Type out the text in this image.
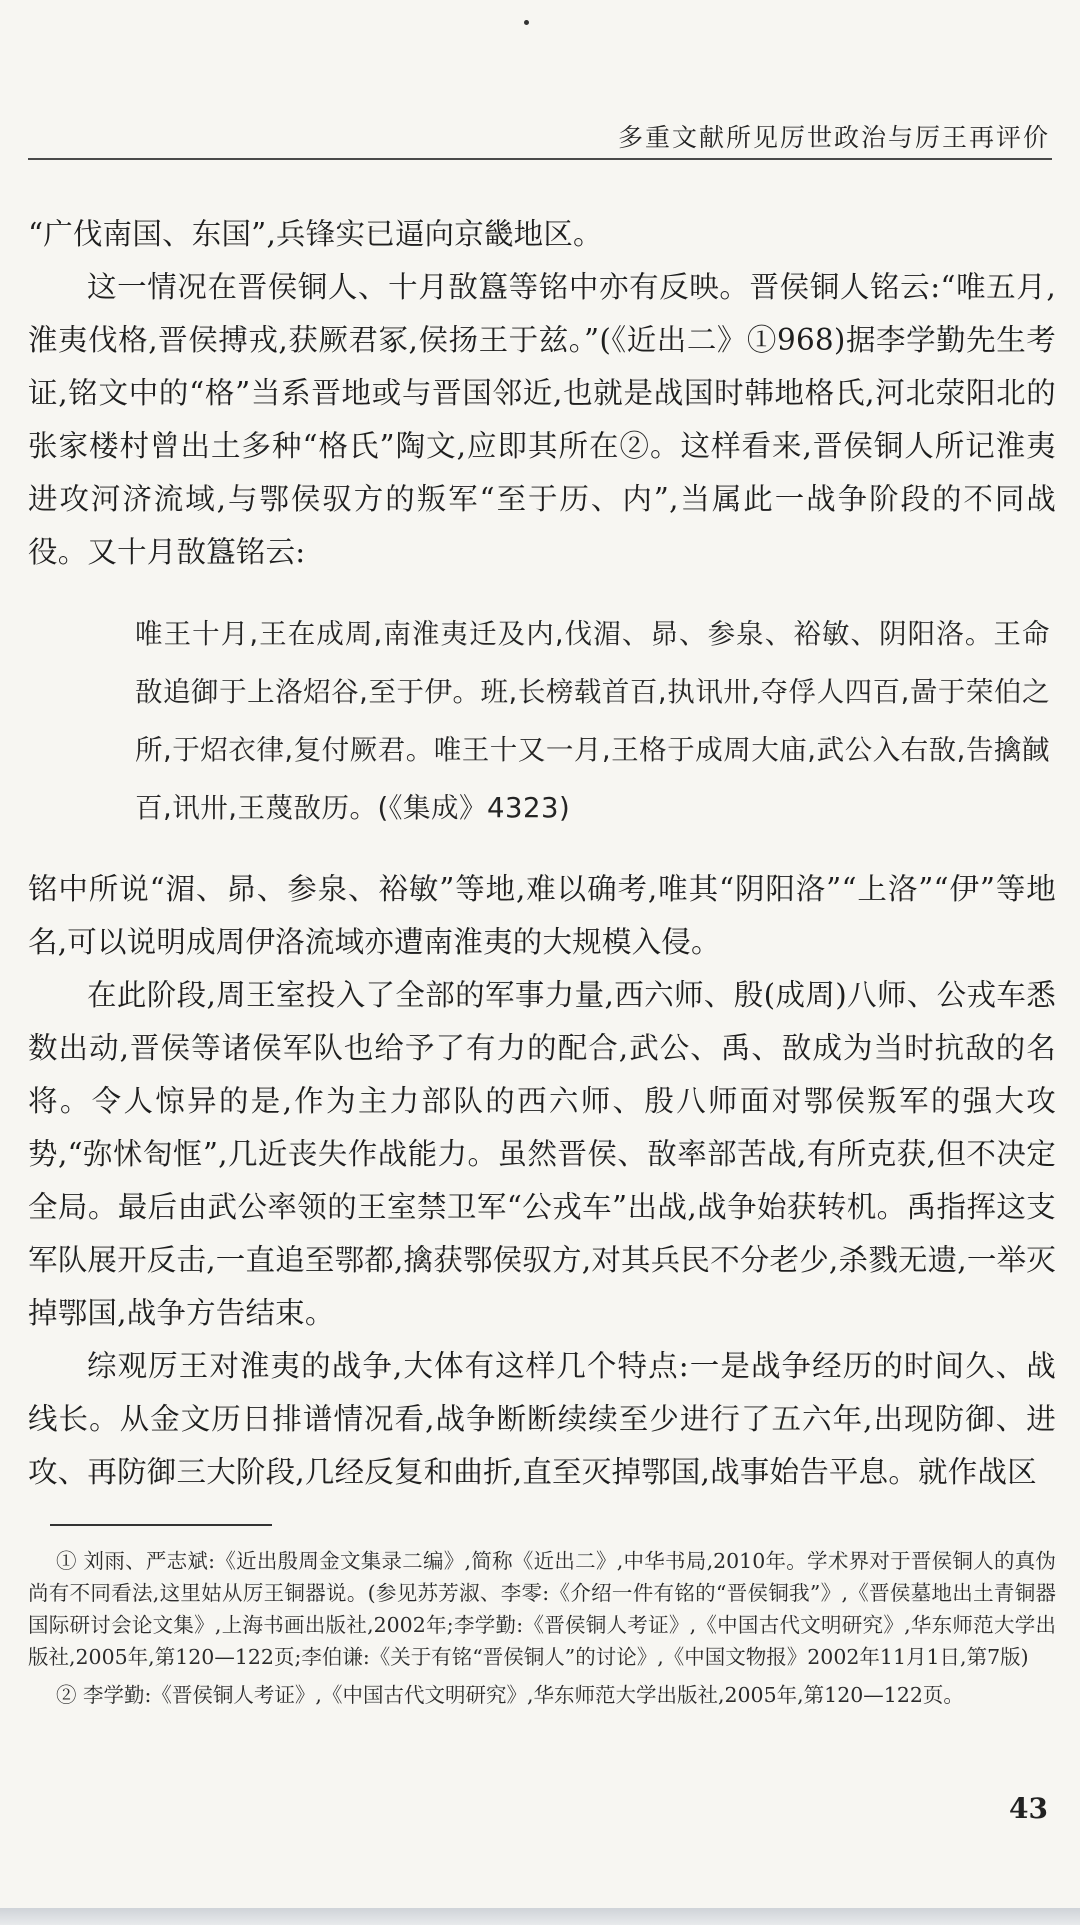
多重文献所见厉世政治与厉王再评价

“广伐南国、东国”,兵锋实已逼向京畿地区。

这一情况在晋侯铜人、十月敔簋等铭中亦有反映。晋侯铜人铭云:“唯五月,淮夷伐格,晋侯搏戎,获厥君冢,侯扬王于兹。”(《近出二》①968)据李学勤先生考证,铭文中的“格”当系晋地或与晋国邻近,也就是战国时韩地格氏,河北荥阳北的张家楼村曾出土多种“格氏”陶文,应即其所在②。这样看来,晋侯铜人所记淮夷进攻河济流域,与鄂侯驭方的叛军“至于历、内”,当属此一战争阶段的不同战役。又十月敔簋铭云:

唯王十月,王在成周,南淮夷迁及内,伐湄、昴、参泉、裕敏、阴阳洛。王命敔追御于上洛炤谷,至于伊。班,长榜载首百,执讯卅,夺俘人四百,啚于荣伯之所,于炤衣律,复付厥君。唯王十又一月,王格于成周大庙,武公入右敔,告擒馘百,讯卅,王蔑敔历。(《集成》4323)

铭中所说“湄、昴、参泉、裕敏”等地,难以确考,唯其“阴阳洛”“上洛”“伊”等地名,可以说明成周伊洛流域亦遭南淮夷的大规模入侵。

在此阶段,周王室投入了全部的军事力量,西六师、殷(成周)八师、公戎车悉数出动,晋侯等诸侯军队也给予了有力的配合,武公、禹、敔成为当时抗敌的名将。令人惊异的是,作为主力部队的西六师、殷八师面对鄂侯叛军的强大攻势,“弥怵匌恇”,几近丧失作战能力。虽然晋侯、敔率部苦战,有所克获,但不决定全局。最后由武公率领的王室禁卫军“公戎车”出战,战争始获转机。禹指挥这支军队展开反击,一直追至鄂都,擒获鄂侯驭方,对其兵民不分老少,杀戮无遗,一举灭掉鄂国,战争方告结束。

综观厉王对淮夷的战争,大体有这样几个特点:一是战争经历的时间久、战线长。从金文历日排谱情况看,战争断断续续至少进行了五六年,出现防御、进攻、再防御三大阶段,几经反复和曲折,直至灭掉鄂国,战事始告平息。就作战区

① 刘雨、严志斌:《近出殷周金文集录二编》,简称《近出二》,中华书局,2010年。学术界对于晋侯铜人的真伪尚有不同看法,这里姑从厉王铜器说。(参见苏芳淑、李零:《介绍一件有铭的“晋侯铜我”》,《晋侯墓地出土青铜器国际研讨会论文集》,上海书画出版社,2002年;李学勤:《晋侯铜人考证》,《中国古代文明研究》,华东师范大学出版社,2005年,第120—122页;李伯谦:《关于有铭“晋侯铜人”的讨论》,《中国文物报》2002年11月1日,第7版)

② 李学勤:《晋侯铜人考证》,《中国古代文明研究》,华东师范大学出版社,2005年,第120—122页。

43
